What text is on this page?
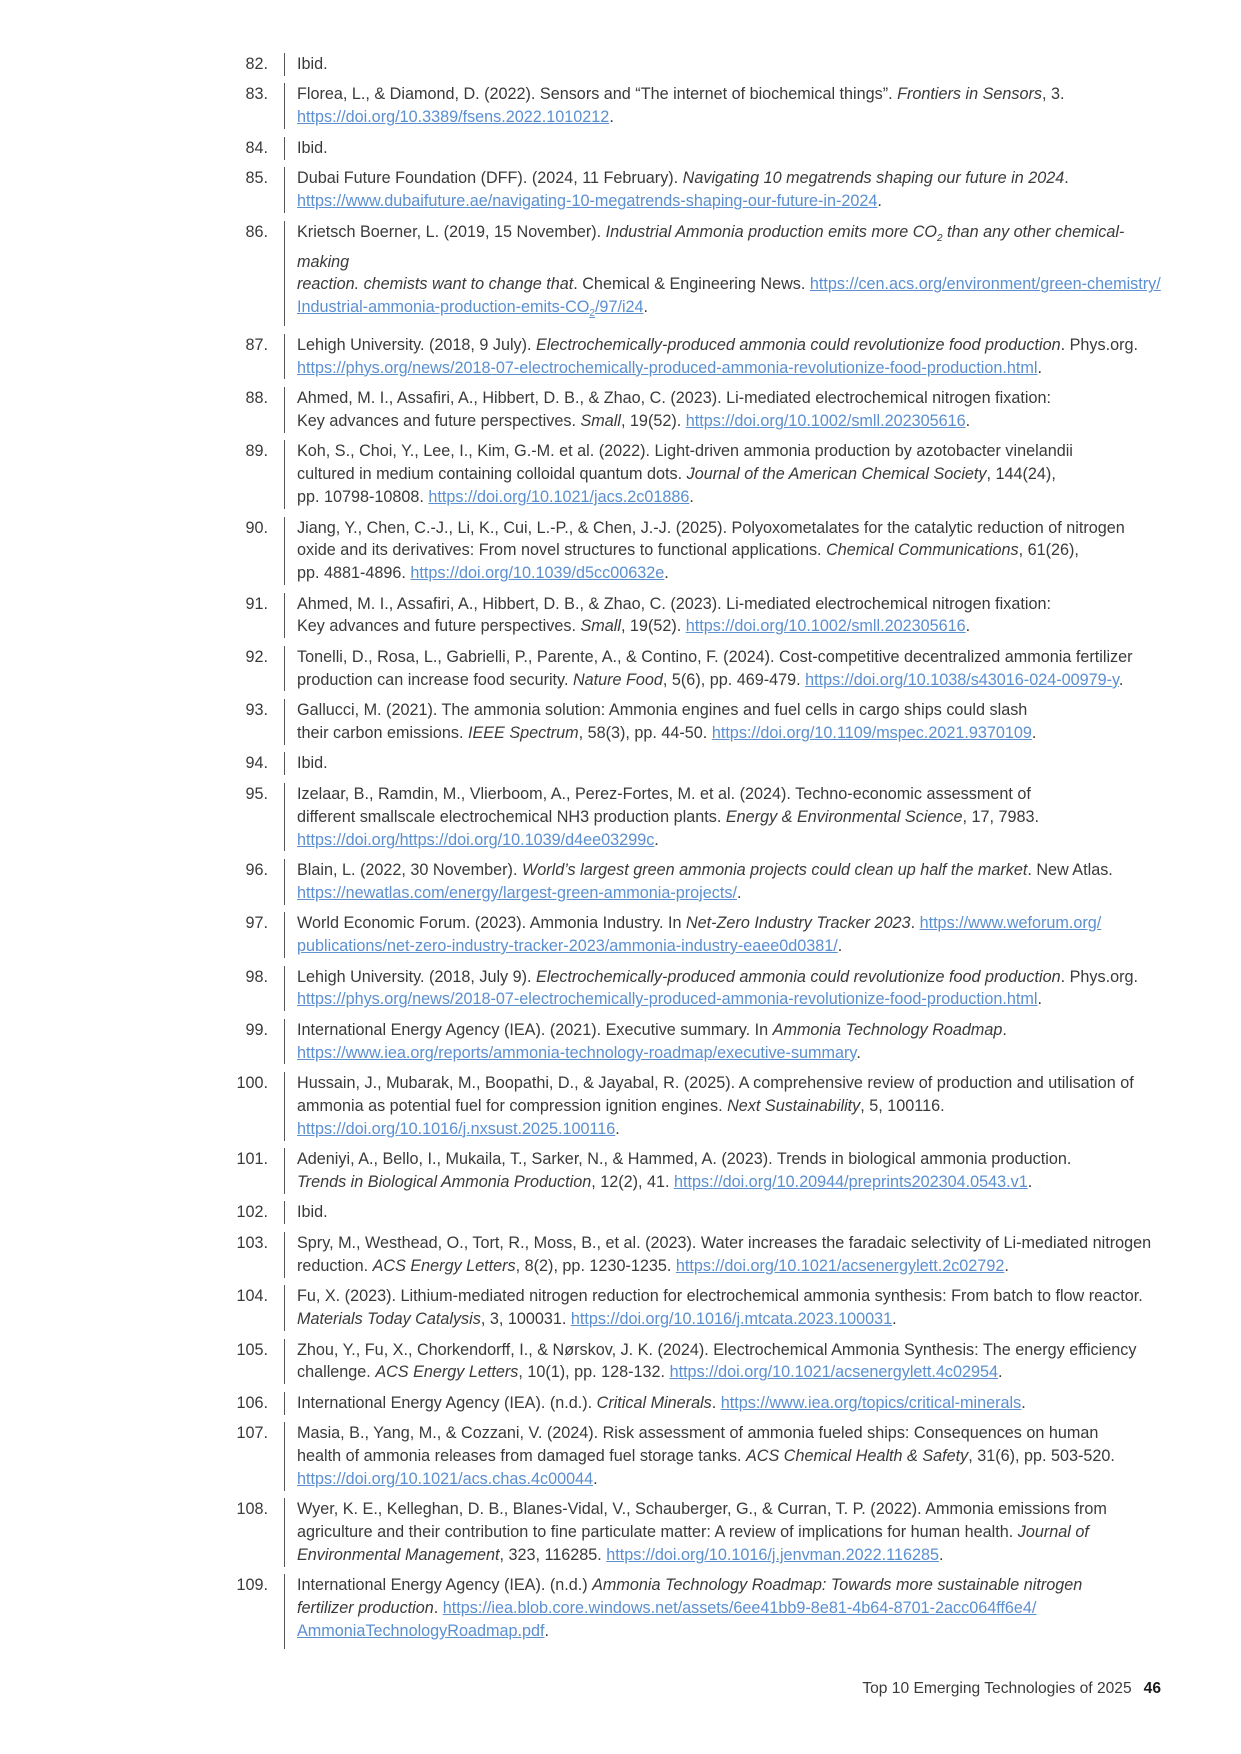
82.	Ibid.
83.	Florea, L., & Diamond, D. (2022). Sensors and “The internet of biochemical things”. Frontiers in Sensors, 3.
https://doi.org/10.3389/fsens.2022.1010212.
84.	Ibid.
85.	Dubai Future Foundation (DFF). (2024, 11 February). Navigating 10 megatrends shaping our future in 2024.
https://www.dubaifuture.ae/navigating-10-megatrends-shaping-our-future-in-2024.
86.	Krietsch Boerner, L. (2019, 15 November). Industrial Ammonia production emits more $CO_2$ than any other chemical-making
reaction. chemists want to change that. Chemical & Engineering News. https://cen.acs.org/environment/green-chemistry/
Industrial-$ammonia-production-emits-CO_2/97/i24$.
87.	Lehigh University. (2018, 9 July). Electrochemically-produced ammonia could revolutionize food production. Phys.org.
https://phys.org/news/2018-07-electrochemically-produced-ammonia-revolutionize-food-production.html.
88.	Ahmed, M. I., Assafiri, A., Hibbert, D. B., & Zhao, C. (2023). Li-mediated electrochemical nitrogen fixation:
Key advances and future perspectives. Small, 19(52). https://doi.org/10.1002/smll.202305616.
89.	Koh, S., Choi, Y., Lee, I., Kim, G.-M. et al. (2022). Light-driven ammonia production by azotobacter vinelandii
cultured in medium containing colloidal quantum dots. Journal of the American Chemical Society, 144(24),
pp. 10798-10808. https://doi.org/10.1021/jacs.2c01886.
90.	Jiang, Y., Chen, C.-J., Li, K., Cui, L.-P., & Chen, J.-J. (2025). Polyoxometalates for the catalytic reduction of nitrogen
oxide and its derivatives: From novel structures to functional applications. Chemical Communications, 61(26),
pp. 4881-4896. https://doi.org/10.1039/d5cc00632e.
91.	Ahmed, M. I., Assafiri, A., Hibbert, D. B., & Zhao, C. (2023). Li-mediated electrochemical nitrogen fixation:
Key advances and future perspectives. Small, 19(52). https://doi.org/10.1002/smll.202305616.
92.	Tonelli, D., Rosa, L., Gabrielli, P., Parente, A., & Contino, F. (2024). Cost-competitive decentralized ammonia fertilizer
production can increase food security. Nature Food, 5(6), pp. 469-479. https://doi.org/10.1038/s43016-024-00979-y.
93.	Gallucci, M. (2021). The ammonia solution: Ammonia engines and fuel cells in cargo ships could slash
their carbon emissions. IEEE Spectrum, 58(3), pp. 44-50. https://doi.org/10.1109/mspec.2021.9370109.
94.	Ibid.
95.	Izelaar, B., Ramdin, M., Vlierboom, A., Perez-Fortes, M. et al. (2024). Techno-economic assessment of
different smallscale electrochemical NH3 production plants. Energy & Environmental Science, 17, 7983.
https://doi.org/https://doi.org/10.1039/d4ee03299c.
96.	Blain, L. (2022, 30 November). World’s largest green ammonia projects could clean up half the market. New Atlas.
https://newatlas.com/energy/largest-green-ammonia-projects/.
97.	World Economic Forum. (2023). Ammonia Industry. In Net-Zero Industry Tracker 2023. https://www.weforum.org/
publications/net-zero-industry-tracker-2023/ammonia-industry-eaee0d0381/.
98.	Lehigh University. (2018, July 9). Electrochemically-produced ammonia could revolutionize food production. Phys.org.
https://phys.org/news/2018-07-electrochemically-produced-ammonia-revolutionize-food-production.html.
99.	International Energy Agency (IEA). (2021). Executive summary. In Ammonia Technology Roadmap.
https://www.iea.org/reports/ammonia-technology-roadmap/executive-summary.
100.	Hussain, J., Mubarak, M., Boopathi, D., & Jayabal, R. (2025). A comprehensive review of production and utilisation of
ammonia as potential fuel for compression ignition engines. Next Sustainability, 5, 100116.
https://doi.org/10.1016/j.nxsust.2025.100116.
101.	Adeniyi, A., Bello, I., Mukaila, T., Sarker, N., & Hammed, A. (2023). Trends in biological ammonia production.
Trends in Biological Ammonia Production, 12(2), 41. https://doi.org/10.20944/preprints202304.0543.v1.
102.	Ibid.
103.	Spry, M., Westhead, O., Tort, R., Moss, B., et al. (2023). Water increases the faradaic selectivity of Li-mediated nitrogen
reduction. ACS Energy Letters, 8(2), pp. 1230-1235. https://doi.org/10.1021/acsenergylett.2c02792.
104.	Fu, X. (2023). Lithium-mediated nitrogen reduction for electrochemical ammonia synthesis: From batch to flow reactor.
Materials Today Catalysis, 3, 100031. https://doi.org/10.1016/j.mtcata.2023.100031.
105.	Zhou, Y., Fu, X., Chorkendorff, I., & Nørskov, J. K. (2024). Electrochemical Ammonia Synthesis: The energy efficiency
challenge. ACS Energy Letters, 10(1), pp. 128-132. https://doi.org/10.1021/acsenergylett.4c02954.
106.	International Energy Agency (IEA). (n.d.). Critical Minerals. https://www.iea.org/topics/critical-minerals.
107.	Masia, B., Yang, M., & Cozzani, V. (2024). Risk assessment of ammonia fueled ships: Consequences on human
health of ammonia releases from damaged fuel storage tanks. ACS Chemical Health & Safety, 31(6), pp. 503-520.
https://doi.org/10.1021/acs.chas.4c00044.
108.	Wyer, K. E., Kelleghan, D. B., Blanes-Vidal, V., Schauberger, G., & Curran, T. P. (2022). Ammonia emissions from
agriculture and their contribution to fine particulate matter: A review of implications for human health. Journal of
Environmental Management, 323, 116285. https://doi.org/10.1016/j.jenvman.2022.116285.
109.	International Energy Agency (IEA). (n.d.) Ammonia Technology Roadmap: Towards more sustainable nitrogen
fertilizer production. https://iea.blob.core.windows.net/assets/6ee41bb9-8e81-4b64-8701-2acc064ff6e4/
AmmoniaTechnologyRoadmap.pdf.
Top 10 Emerging Technologies of 2025 46
